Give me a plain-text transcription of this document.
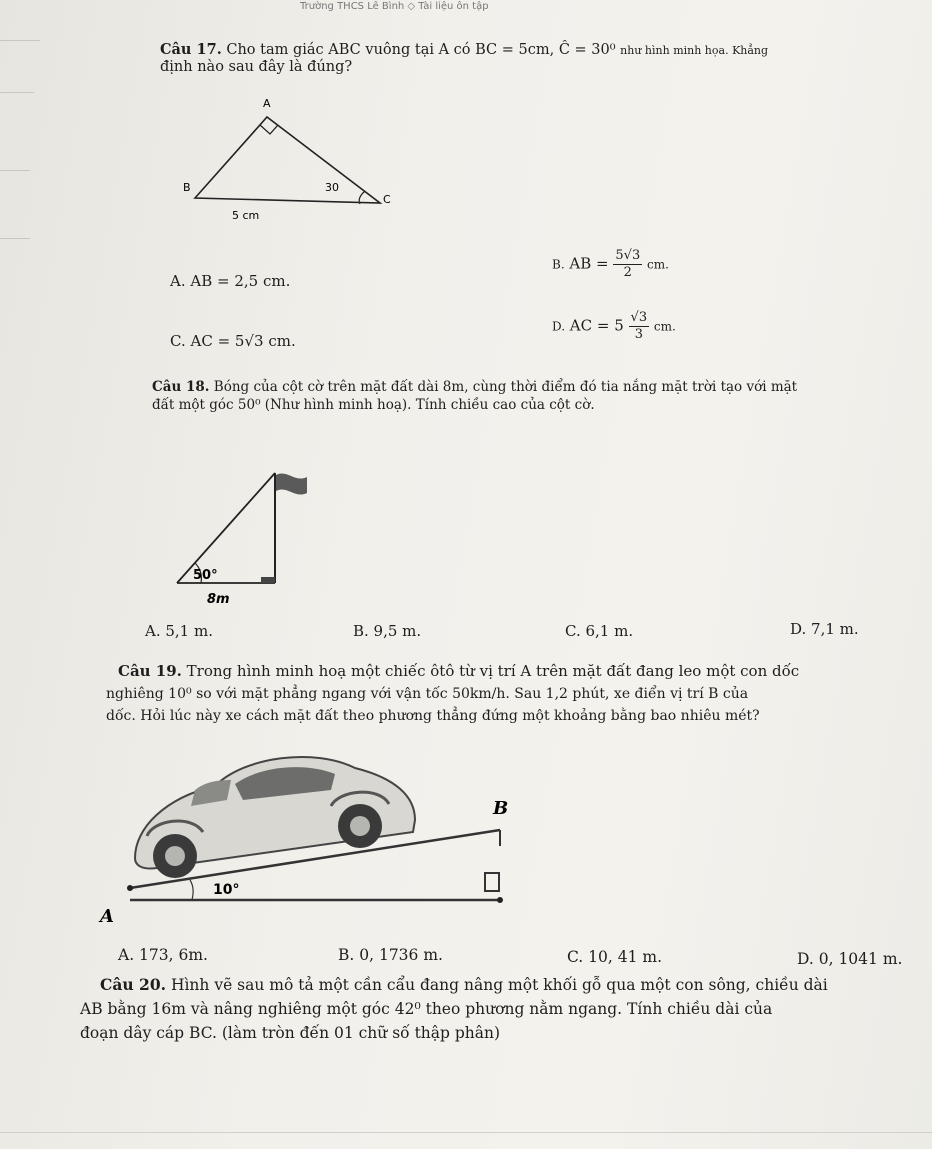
Trường THCS Lê Bình ◇ Tài liệu ôn tập
Câu 17. Cho tam giác ABC vuông tại A có BC = 5cm, Ĉ = 30⁰ như hình minh họa. Khẳng
định nào sau đây là đúng?
A
B
C
30
5 cm
A. AB = 2,5 cm.
B. AB = $\frac{5√3}{2}$ cm.
C. AC = 5√3 cm.
D. AC = $5 \frac{√3}{3}$ cm.
Câu 18. Bóng của cột cờ trên mặt đất dài 8m, cùng thời điểm đó tia nắng mặt trời tạo với mặt
đất một góc 50⁰ (Như hình minh hoạ). Tính chiều cao của cột cờ.
50°
8m
A. 5,1 m.	B. 9,5 m.	C. 6,1 m.	D. 7,1 m.
Câu 19. Trong hình minh hoạ một chiếc ôtô từ vị trí A trên mặt đất đang leo một con dốc
nghiêng 10⁰ so với mặt phẳng ngang với vận tốc 50km/h. Sau 1,2 phút, xe điển vị trí B của
dốc. Hỏi lúc này xe cách mặt đất theo phương thẳng đứng một khoảng bằng bao nhiêu mét?
A
B
10°
A. 173, 6m.	B. 0, 1736 m.	C. 10, 41 m.	D. 0, 1041 m.
Câu 20. Hình vẽ sau mô tả một cần cẩu đang nâng một khối gỗ qua một con sông, chiều dài
AB bằng 16m và nâng nghiêng một góc 42⁰ theo phương nằm ngang. Tính chiều dài của
đoạn dây cáp BC. (làm tròn đến 01 chữ số thập phân)
